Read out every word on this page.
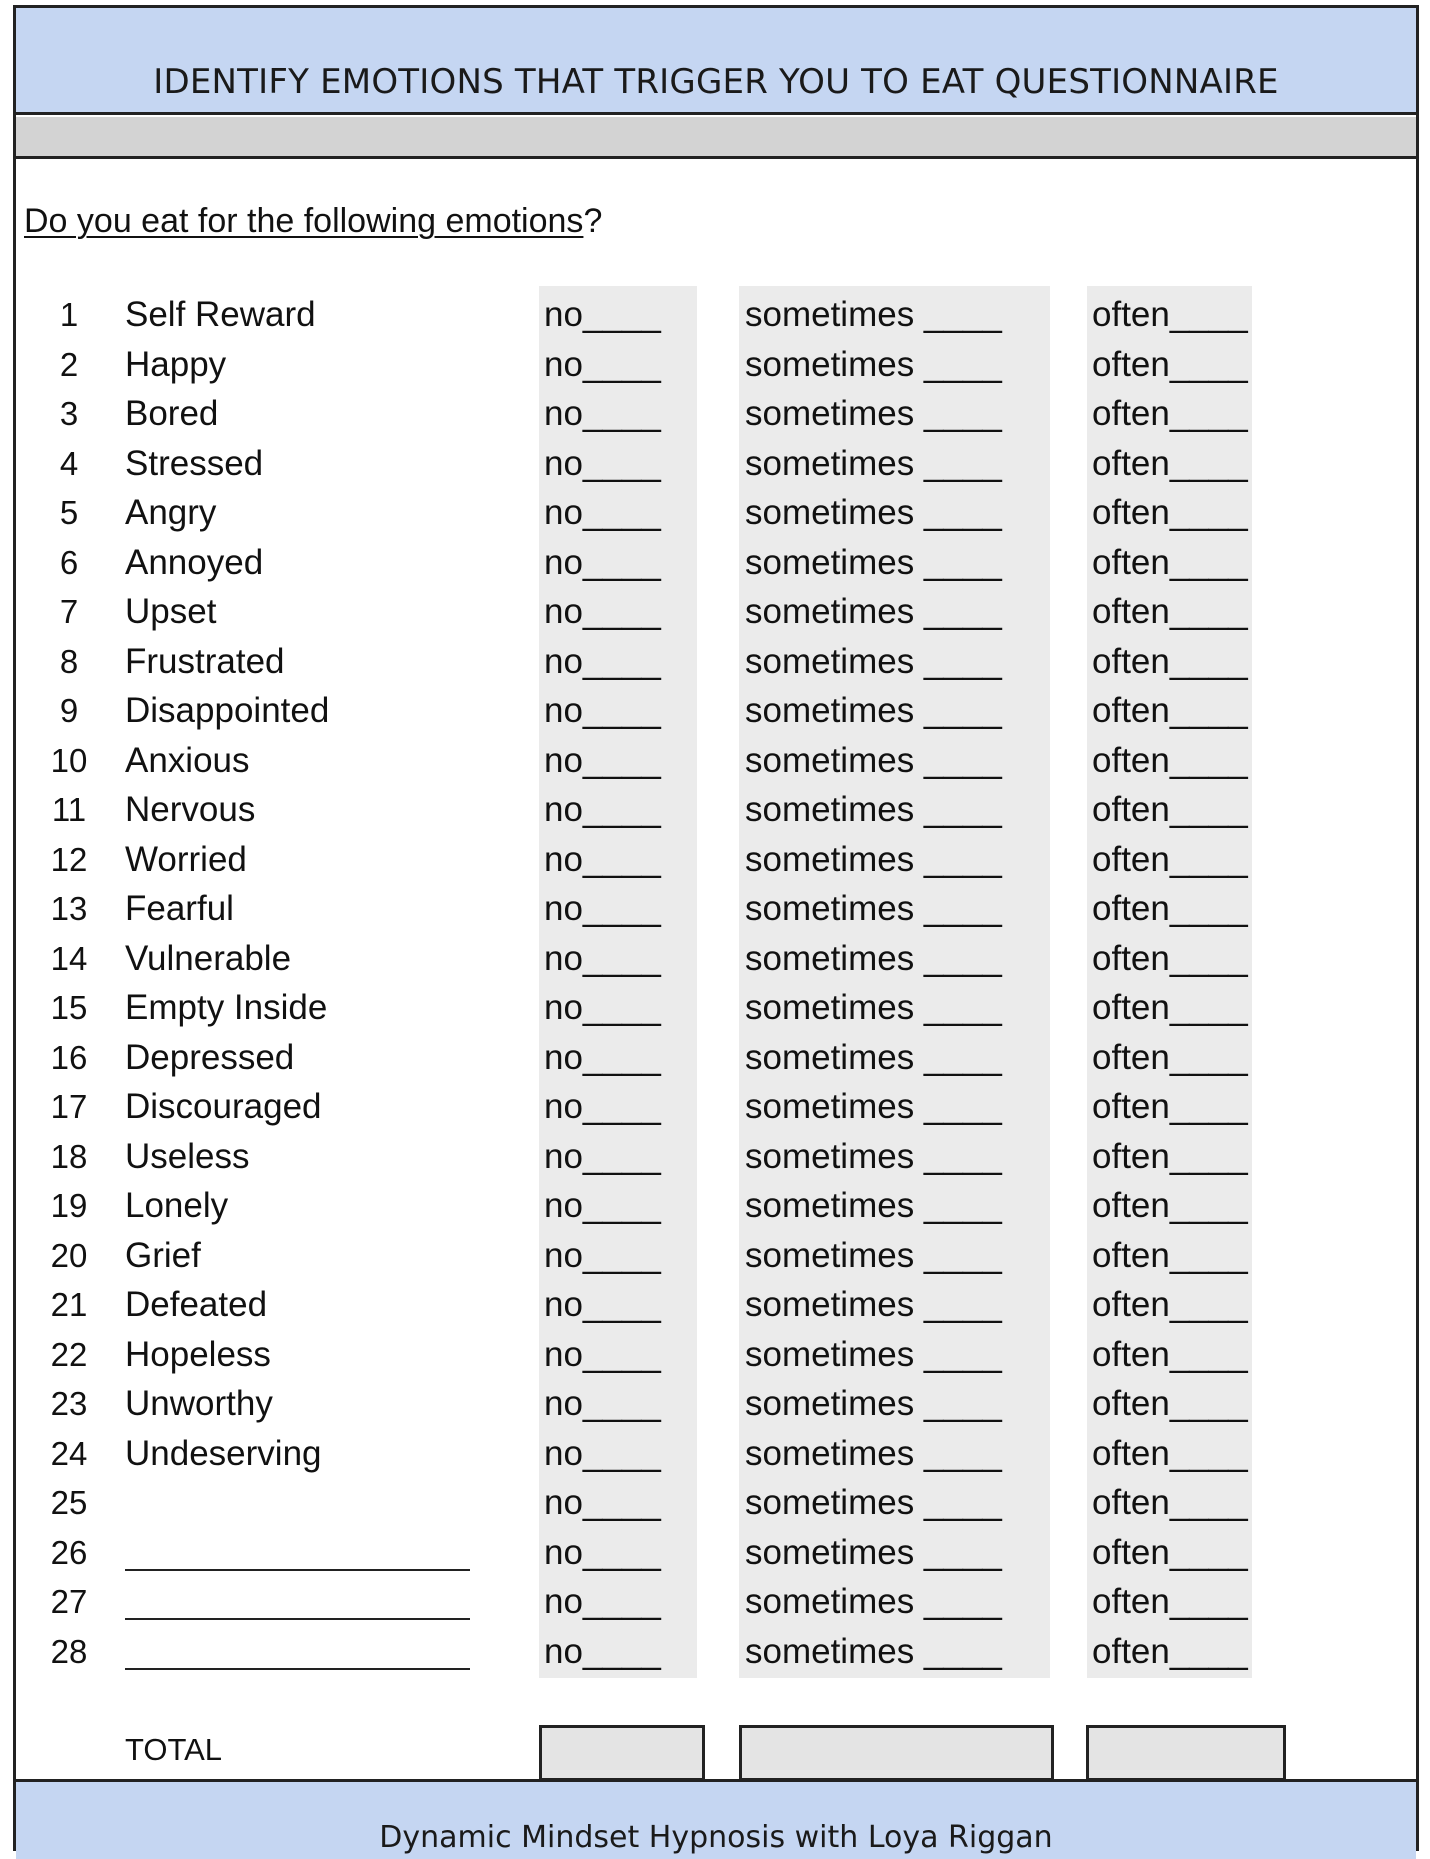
IDENTIFY EMOTIONS THAT TRIGGER YOU TO EAT QUESTIONNAIRE
Do you eat for the following emotions?
1	Self Reward	no____ sometimes ____	often____
2	Happy	no____ sometimes ____	often____
3	Bored	no____ sometimes ____	often____
4	Stressed	no____ sometimes ____	often____
5	Angry	no____ sometimes ____	often____
6	Annoyed	no____ sometimes ____	often____
7	Upset	no____ sometimes ____	often____
8	Frustrated	no____ sometimes ____	often____
9	Disappointed	no____ sometimes ____	often____
10 Anxious	no____ sometimes ____	often____
11 Nervous	no____ sometimes ____	often____
12 Worried	no____ sometimes ____	often____
13 Fearful	no____ sometimes ____	often____
14 Vulnerable	no____ sometimes ____	often____
15 Empty Inside	no____ sometimes ____	often____
16 Depressed	no____ sometimes ____	often____
17 Discouraged	no____ sometimes ____	often____
18 Useless	no____ sometimes ____	often____
19 Lonely	no____ sometimes ____	often____
20 Grief	no____ sometimes ____	often____
21 Defeated	no____ sometimes ____	often____
22 Hopeless	no____ sometimes ____	often____
23 Unworthy	no____ sometimes ____	often____
24 Undeserving	no____ sometimes ____	often____
25	no____ sometimes ____	often____
26	no____ sometimes ____	often____
27	no____ sometimes ____	often____
28	no____ sometimes ____	often____
TOTAL
Dynamic Mindset Hypnosis with Loya Riggan
